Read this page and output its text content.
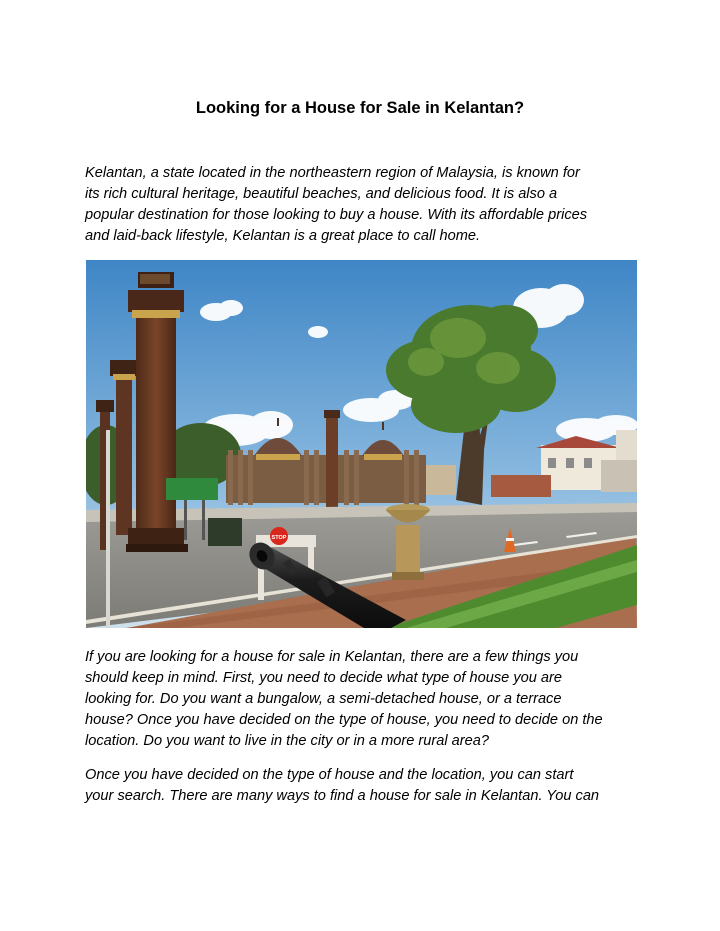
Looking for a House for Sale in Kelantan?

Kelantan, a state located in the northeastern region of Malaysia, is known for
its rich cultural heritage, beautiful beaches, and delicious food. It is also a
popular destination for those looking to buy a house. With its affordable prices
and laid-back lifestyle, Kelantan is a great place to call home.

STOP

If you are looking for a house for sale in Kelantan, there are a few things you
should keep in mind. First, you need to decide what type of house you are
looking for. Do you want a bungalow, a semi-detached house, or a terrace
house? Once you have decided on the type of house, you need to decide on the
location. Do you want to live in the city or in a more rural area?

Once you have decided on the type of house and the location, you can start
your search. There are many ways to find a house for sale in Kelantan. You can
